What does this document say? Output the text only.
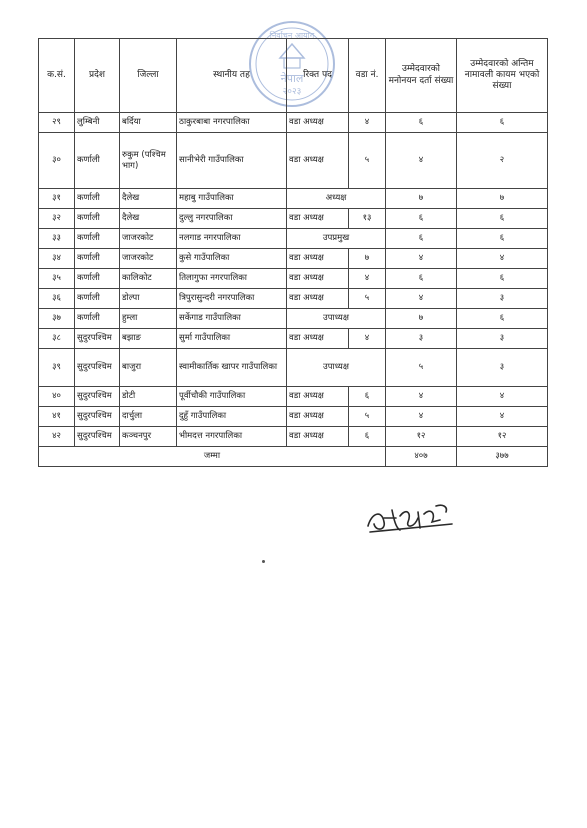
नेपाल
२०२३
निर्वाचन आयोग
क.सं.	प्रदेश	जिल्ला	स्थानीय तह	रिक्त पद	वडा नं.	उम्मेदवारको मनोनयन दर्ता संख्या	उम्मेदवारको अन्तिम नामावली कायम भएको संख्या
२९	लुम्बिनी	बर्दिया	ठाकुरबाबा नगरपालिका	वडा अध्यक्ष	४	६	६
३०	कर्णाली	रुकुम (पश्चिम भाग)	सानीभेरी गाउँपालिका	वडा अध्यक्ष	५	४	२
३१	कर्णाली	दैलेख	महाबु गाउँपालिका	अध्यक्ष		७	७
३२	कर्णाली	दैलेख	दुल्लु नगरपालिका	वडा अध्यक्ष	१३	६	६
३३	कर्णाली	जाजरकोट	नलगाड नगरपालिका	उपप्रमुख		६	६
३४	कर्णाली	जाजरकोट	कुसे गाउँपालिका	वडा अध्यक्ष	७	४	४
३५	कर्णाली	कालिकोट	तिलागुफा नगरपालिका	वडा अध्यक्ष	४	६	६
३६	कर्णाली	डोल्पा	त्रिपुरासुन्दरी नगरपालिका	वडा अध्यक्ष	५	४	३
३७	कर्णाली	हुम्ला	सर्केगाड गाउँपालिका	उपाध्यक्ष		७	६
३८	सुदुरपश्चिम	बझाङ	सुर्मा गाउँपालिका	वडा अध्यक्ष	४	३	३
३९	सुदुरपश्चिम	बाजुरा	स्वामीकार्तिक खापर गाउँपालिका	उपाध्यक्ष		५	३
४०	सुदुरपश्चिम	डोटी	पूर्वीचौकी गाउँपालिका	वडा अध्यक्ष	६	४	४
४१	सुदुरपश्चिम	दार्चुला	दुहुँ गाउँपालिका	वडा अध्यक्ष	५	४	४
४२	सुदुरपश्चिम	कञ्चनपुर	भीमदत्त नगरपालिका	वडा अध्यक्ष	६	१२	१२
जम्मा						४०७	३७७
